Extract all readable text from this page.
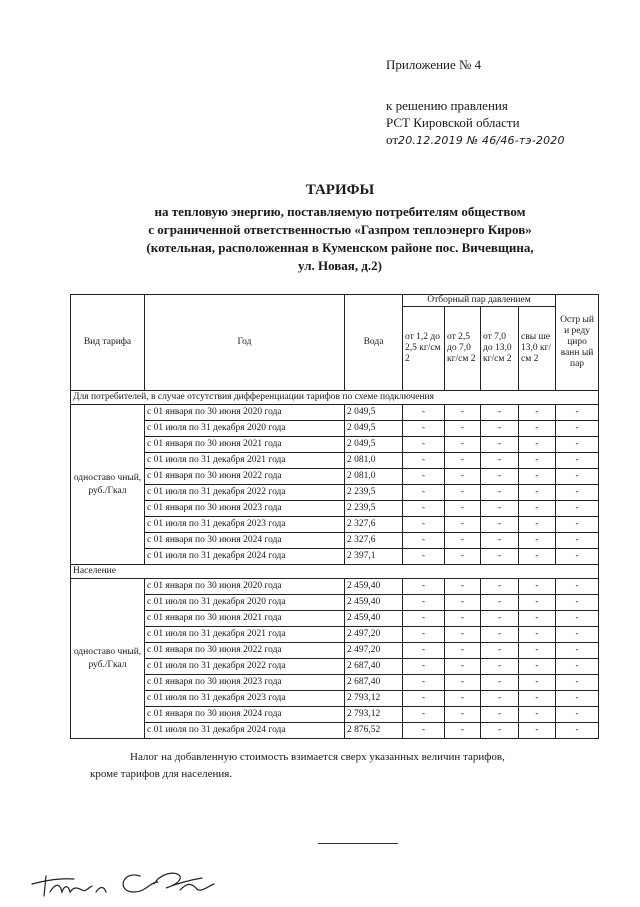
Приложение № 4
к решению правления
РСТ Кировской области
от20.12.2019 № 46/46-тэ-2020
ТАРИФЫ
на тепловую энергию, поставляемую потребителям обществом
с ограниченной ответственностью «Газпром теплоэнерго Киров»
(котельная, расположенная в Куменском районе пос. Вичевщина,
ул. Новая, д.2)
Вид тарифа	Год	Вода	Отборный пар давлением				Остр ый и реду циро ванн ый пар
			от 1,2 до 2,5 кг/см 2	от 2,5 до 7,0 кг/см 2	от 7,0 до 13,0 кг/см 2	свы ше 13,0 кг/см 2	
Для потребителей, в случае отсутствия дифференциации тарифов по схеме подключения							
одноставо чный, руб./Гкал	с 01 января по 30 июня 2020 года	2 049,5	-	-	-	-	-
	с 01 июля по 31 декабря 2020 года	2 049,5	-	-	-	-	-
	с 01 января по 30 июня 2021 года	2 049,5	-	-	-	-	-
	с 01 июля по 31 декабря 2021 года	2 081,0	-	-	-	-	-
	с 01 января по 30 июня 2022 года	2 081,0	-	-	-	-	-
	с 01 июля по 31 декабря 2022 года	2 239,5	-	-	-	-	-
	с 01 января по 30 июня 2023 года	2 239,5	-	-	-	-	-
	с 01 июля по 31 декабря 2023 года	2 327,6	-	-	-	-	-
	с 01 января по 30 июня 2024 года	2 327,6	-	-	-	-	-
	с 01 июля по 31 декабря 2024 года	2 397,1	-	-	-	-	-
Население							
одноставо чный, руб./Гкал	с 01 января по 30 июня 2020 года	2 459,40	-	-	-	-	-
	с 01 июля по 31 декабря 2020 года	2 459,40	-	-	-	-	-
	с 01 января по 30 июня 2021 года	2 459,40	-	-	-	-	-
	с 01 июля по 31 декабря 2021 года	2 497,20	-	-	-	-	-
	с 01 января по 30 июня 2022 года	2 497,20	-	-	-	-	-
	с 01 июля по 31 декабря 2022 года	2 687,40	-	-	-	-	-
	с 01 января по 30 июня 2023 года	2 687,40	-	-	-	-	-
	с 01 июля по 31 декабря 2023 года	2 793,12	-	-	-	-	-
	с 01 января по 30 июня 2024 года	2 793,12	-	-	-	-	-
	с 01 июля по 31 декабря 2024 года	2 876,52	-	-	-	-	-
Налог на добавленную стоимость взимается сверх указанных величин тарифов,
кроме тарифов для населения.
